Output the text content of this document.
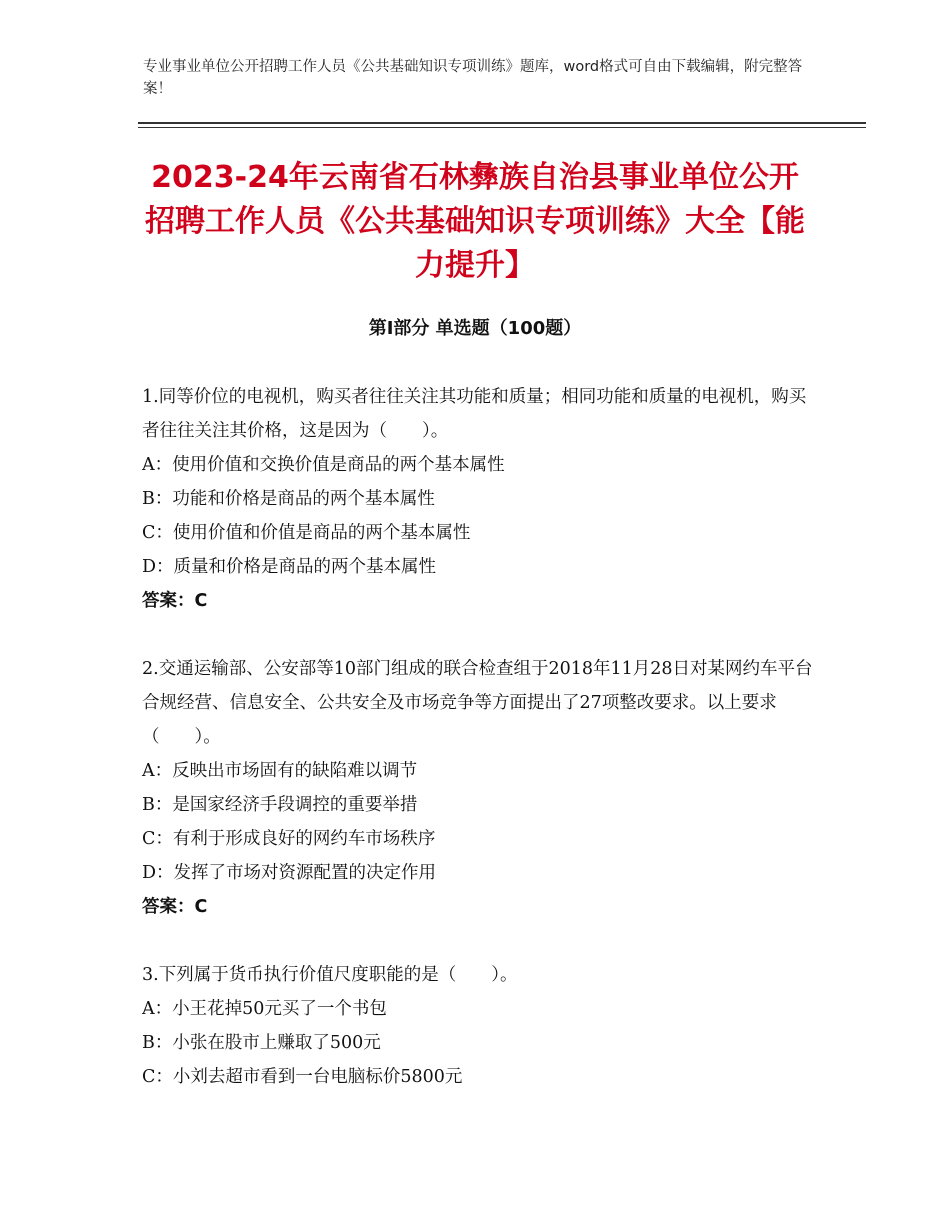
专业事业单位公开招聘工作人员《公共基础知识专项训练》题库，word格式可自由下载编辑，附完整答案！
2023-24年云南省石林彝族自治县事业单位公开招聘工作人员《公共基础知识专项训练》大全【能力提升】
第Ⅰ部分 单选题（100题）
1.同等价位的电视机，购买者往往关注其功能和质量；相同功能和质量的电视机，购买者往往关注其价格，这是因为（　　）。
A：使用价值和交换价值是商品的两个基本属性
B：功能和价格是商品的两个基本属性
C：使用价值和价值是商品的两个基本属性
D：质量和价格是商品的两个基本属性
答案：C
2.交通运输部、公安部等10部门组成的联合检查组于2018年11月28日对某网约车平台合规经营、信息安全、公共安全及市场竞争等方面提出了27项整改要求。以上要求（　　）。
A：反映出市场固有的缺陷难以调节
B：是国家经济手段调控的重要举措
C：有利于形成良好的网约车市场秩序
D：发挥了市场对资源配置的决定作用
答案：C
3.下列属于货币执行价值尺度职能的是（　　）。
A：小王花掉50元买了一个书包
B：小张在股市上赚取了500元
C：小刘去超市看到一台电脑标价5800元
